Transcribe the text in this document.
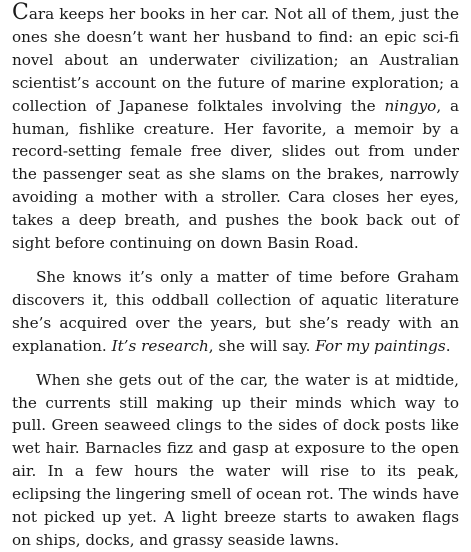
Cara keeps her books in her car. Not all of them, just the ones she doesn’t want her husband to find: an epic sci-fi novel about an underwater civilization; an Australian scientist’s account on the future of marine exploration; a collection of Japanese folktales involving the ningyo, a human, fishlike creature. Her favorite, a memoir by a record-setting female free diver, slides out from under the passenger seat as she slams on the brakes, narrowly avoiding a mother with a stroller. Cara closes her eyes, takes a deep breath, and pushes the book back out of sight before continuing on down Basin Road.

She knows it’s only a matter of time before Graham discovers it, this oddball collection of aquatic literature she’s acquired over the years, but she’s ready with an explanation. It’s research, she will say. For my paintings.

When she gets out of the car, the water is at midtide, the currents still making up their minds which way to pull. Green seaweed clings to the sides of dock posts like wet hair. Barnacles fizz and gasp at exposure to the open air. In a few hours the water will rise to its peak, eclipsing the lingering smell of ocean rot. The winds have not picked up yet. A light breeze starts to awaken flags on ships, docks, and grassy seaside lawns.
